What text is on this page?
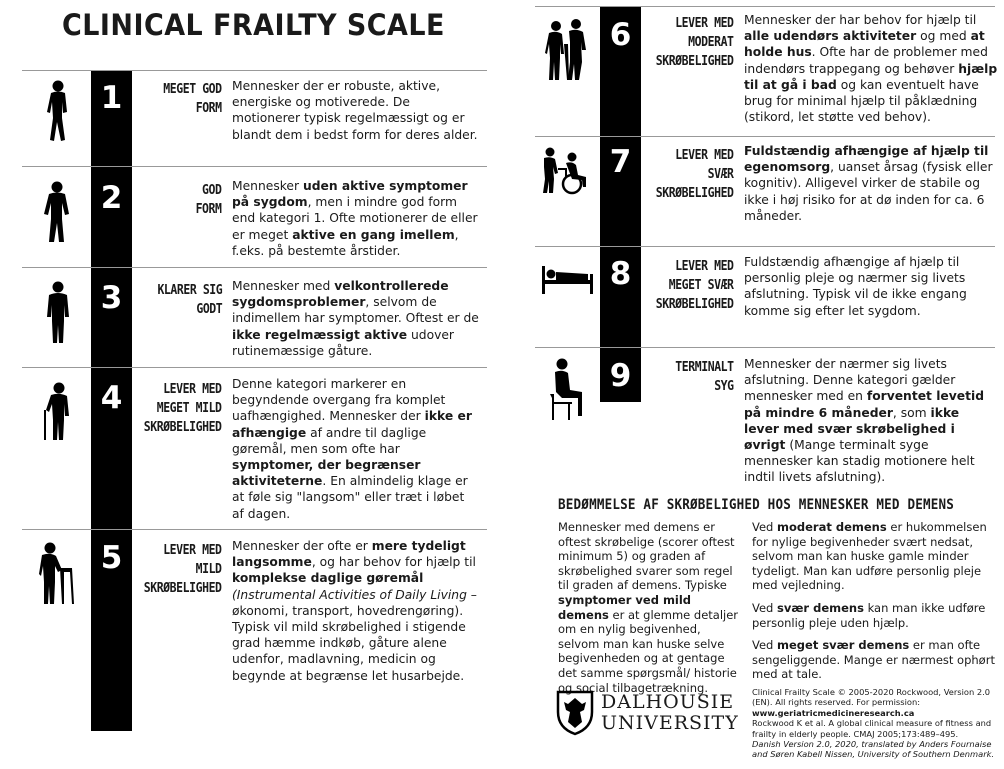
CLINICAL FRAILTY SCALE
1	MEGET GOD
FORM
Mennesker der er robuste, aktive, energiske og motiverede. De motionerer typisk regelmæssigt og er blandt dem i bedst form for deres alder.
2	GOD
FORM
Mennesker uden aktive symptomer på sygdom, men i mindre god form end kategori 1. Ofte motionerer de eller er meget aktive en gang imellem, f.eks. på bestemte årstider.
3	KLARER SIG
GODT
Mennesker med velkontrollerede sygdomsproblemer, selvom de indimellem har symptomer. Oftest er de ikke regelmæssigt aktive udover rutinemæssige gåture.
4	LEVER MED
MEGET MILD
SKRØBELIGHED
Denne kategori markerer en begyndende overgang fra komplet uafhængighed. Mennesker der ikke er afhængige af andre til daglige gøremål, men som ofte har symptomer, der begrænser aktiviteterne. En almindelig klage er at føle sig "langsom" eller træt i løbet af dagen.
5	LEVER MED
MILD
SKRØBELIGHED
Mennesker der ofte er mere tydeligt langsomme, og har behov for hjælp til komplekse daglige gøremål (Instrumental Activities of Daily Living – økonomi, transport, hovedrengøring). Typisk vil mild skrøbelighed i stigende grad hæmme indkøb, gåture alene udenfor, madlavning, medicin og begynde at begrænse let husarbejde.
6	LEVER MED
MODERAT
SKRØBELIGHED
Mennesker der har behov for hjælp til alle udendørs aktiviteter og med at holde hus. Ofte har de problemer med indendørs trappegang og behøver hjælp til at gå i bad og kan eventuelt have brug for minimal hjælp til påklædning (stikord, let støtte ved behov).
7	LEVER MED
SVÆR
SKRØBELIGHED
Fuldstændig afhængige af hjælp til egenomsorg, uanset årsag (fysisk eller kognitiv). Alligevel virker de stabile og ikke i høj risiko for at dø inden for ca. 6 måneder.
8	LEVER MED
MEGET SVÆR
SKRØBELIGHED
Fuldstændig afhængige af hjælp til personlig pleje og nærmer sig livets afslutning. Typisk vil de ikke engang komme sig efter let sygdom.
9	TERMINALT
SYG
Mennesker der nærmer sig livets afslutning. Denne kategori gælder mennesker med en forventet levetid på mindre 6 måneder, som ikke lever med svær skrøbelighed i øvrigt (Mange terminalt syge mennesker kan stadig motionere helt indtil livets afslutning).
BEDØMMELSE AF SKRØBELIGHED HOS MENNESKER MED DEMENS

Mennesker med demens er oftest skrøbelige (scorer oftest minimum 5) og graden af skrøbelighed svarer som regel til graden af demens. Typiske symptomer ved mild demens er at glemme detaljer om en nylig begivenhed, selvom man kan huske selve begivenheden og at gentage det samme spørgsmål/ historie og social tilbagetrækning.

Ved moderat demens er hukommelsen for nylige begivenheder svært nedsat, selvom man kan huske gamle minder tydeligt. Man kan udføre personlig pleje med vejledning.

Ved svær demens kan man ikke udføre personlig pleje uden hjælp.

Ved meget svær demens er man ofte sengeliggende. Mange er nærmest ophørt med at tale.

DALHOUSIE
UNIVERSITY
Clinical Frailty Scale © 2005-2020 Rockwood, Version 2.0
(EN). All rights reserved. For permission:
www.geriatricmedicineresearch.ca
Rockwood K et al. A global clinical measure of fitness and
frailty in elderly people. CMAJ 2005;173:489–495.
Danish Version 2.0, 2020, translated by Anders Fournaise
and Søren Kabell Nissen, University of Southern Denmark.
